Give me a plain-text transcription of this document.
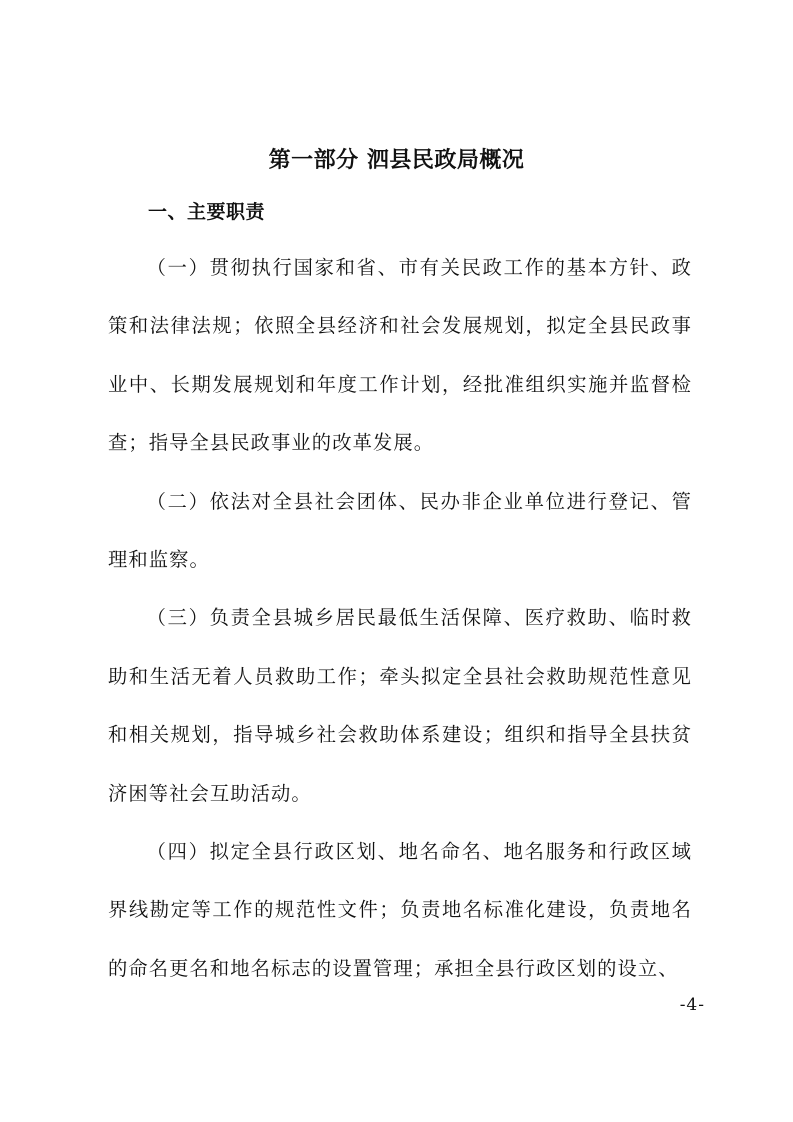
第一部分 泗县民政局概况
一、主要职责

（一）贯彻执行国家和省、市有关民政工作的基本方针、政策和法律法规；依照全县经济和社会发展规划，拟定全县民政事业中、长期发展规划和年度工作计划，经批准组织实施并监督检查；指导全县民政事业的改革发展。

（二）依法对全县社会团体、民办非企业单位进行登记、管理和监察。

（三）负责全县城乡居民最低生活保障、医疗救助、临时救助和生活无着人员救助工作；牵头拟定全县社会救助规范性意见和相关规划，指导城乡社会救助体系建设；组织和指导全县扶贫济困等社会互助活动。

（四）拟定全县行政区划、地名命名、地名服务和行政区域界线勘定等工作的规范性文件；负责地名标准化建设，负责地名的命名更名和地名标志的设置管理；承担全县行政区划的设立、

-4-
